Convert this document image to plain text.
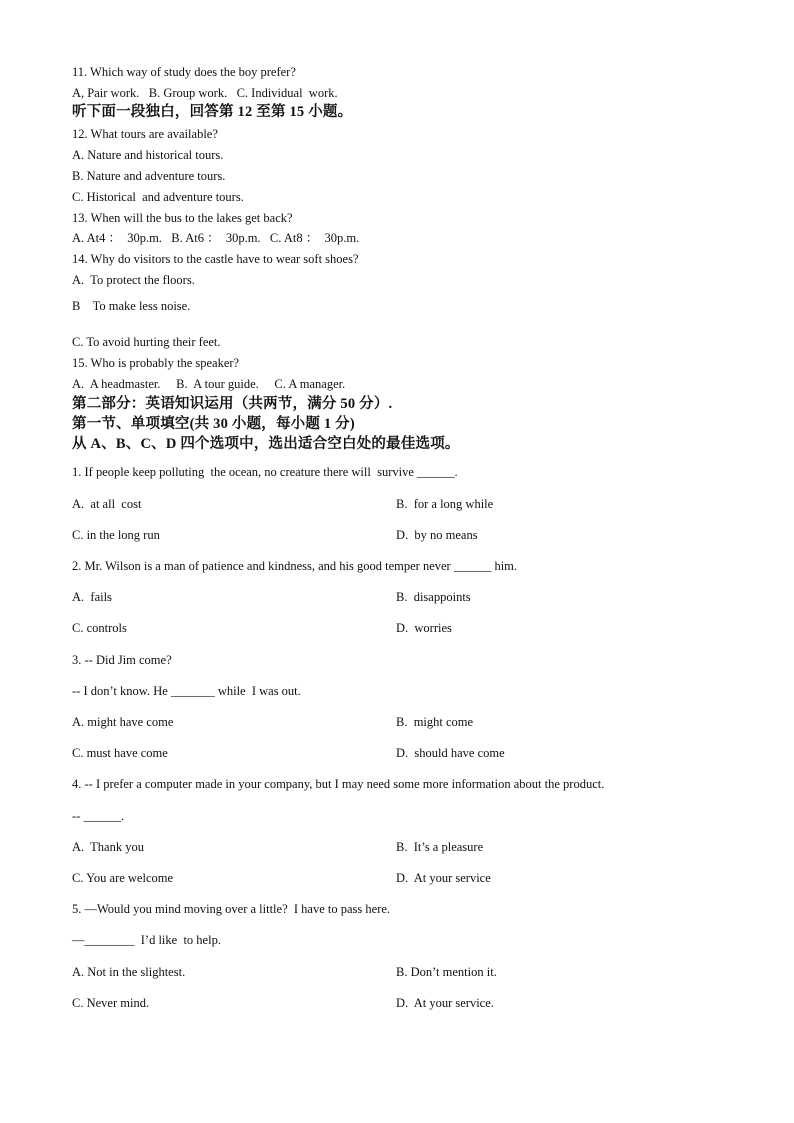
11. Which way of study does the boy prefer?
A, Pair work.   B. Group work.   C. Individual  work.
听下面一段独白，回答第 12 至第 15 小题。
12. What tours are available?
A. Nature and historical tours.
B. Nature and adventure tours.
C. Historical  and adventure tours.
13. When will the bus to the lakes get back?
A. At4 ：  30p.m.   B. At6 ：  30p.m.   C. At8 ：  30p.m.
14. Why do visitors to the castle have to wear soft shoes?
A.  To protect the floors.
B    To make less noise.
C. To avoid hurting their feet.
15. Who is probably the speaker?
A.  A headmaster.     B.  A tour guide.     C. A manager.
第二部分：英语知识运用（共两节，满分 50 分）.
第一节、单项填空(共 30 小题，每小题 1 分)
从 A、B、C、D 四个选项中，选出适合空白处的最佳选项。
1. If people keep polluting  the ocean, no creature there will  survive ______.
A.  at all  cost	B.  for a long while
C. in the long run	D.  by no means
2. Mr. Wilson is a man of patience and kindness, and his good temper never ______ him.
A.  fails	B.  disappoints
C. controls	D.  worries
3. -- Did Jim come?
-- I don’t know. He _______ while  I was out.
A. might have come	B.  might come
C. must have come	D.  should have come
4. -- I prefer a computer made in your company, but I may need some more information about the product.
-- ______.
A.  Thank you	B.  It’s a pleasure
C. You are welcome	D.  At your service
5. —Would you mind moving over a little?  I have to pass here.
—________  I’d like  to help.
A. Not in the slightest.	B. Don’t mention it.
C. Never mind.	D.  At your service.
